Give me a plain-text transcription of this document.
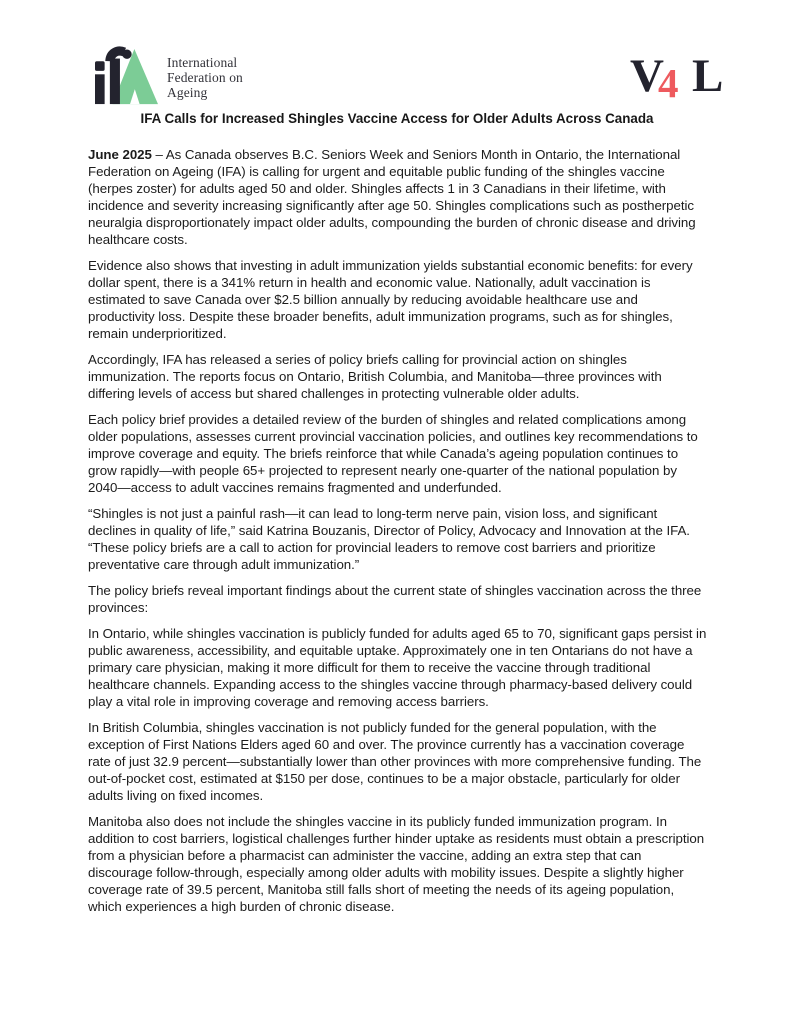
International
Federation on
Ageing	V
4 L
IFA Calls for Increased Shingles Vaccine Access for Older Adults Across Canada

June 2025 – As Canada observes B.C. Seniors Week and Seniors Month in Ontario, the International Federation on Ageing (IFA) is calling for urgent and equitable public funding of the shingles vaccine (herpes zoster) for adults aged 50 and older. Shingles affects 1 in 3 Canadians in their lifetime, with incidence and severity increasing significantly after age 50. Shingles complications such as postherpetic neuralgia disproportionately impact older adults, compounding the burden of chronic disease and driving healthcare costs.

Evidence also shows that investing in adult immunization yields substantial economic benefits: for every dollar spent, there is a 341% return in health and economic value. Nationally, adult vaccination is estimated to save Canada over $2.5 billion annually by reducing avoidable healthcare use and productivity loss. Despite these broader benefits, adult immunization programs, such as for shingles, remain underprioritized.

Accordingly, IFA has released a series of policy briefs calling for provincial action on shingles immunization. The reports focus on Ontario, British Columbia, and Manitoba—three provinces with differing levels of access but shared challenges in protecting vulnerable older adults.

Each policy brief provides a detailed review of the burden of shingles and related complications among older populations, assesses current provincial vaccination policies, and outlines key recommendations to improve coverage and equity. The briefs reinforce that while Canada’s ageing population continues to grow rapidly—with people 65+ projected to represent nearly one-quarter of the national population by 2040—access to adult vaccines remains fragmented and underfunded.

“Shingles is not just a painful rash—it can lead to long-term nerve pain, vision loss, and significant declines in quality of life,” said Katrina Bouzanis, Director of Policy, Advocacy and Innovation at the IFA. “These policy briefs are a call to action for provincial leaders to remove cost barriers and prioritize preventative care through adult immunization.”

The policy briefs reveal important findings about the current state of shingles vaccination across the three provinces:

In Ontario, while shingles vaccination is publicly funded for adults aged 65 to 70, significant gaps persist in public awareness, accessibility, and equitable uptake. Approximately one in ten Ontarians do not have a primary care physician, making it more difficult for them to receive the vaccine through traditional healthcare channels. Expanding access to the shingles vaccine through pharmacy-based delivery could play a vital role in improving coverage and removing access barriers.

In British Columbia, shingles vaccination is not publicly funded for the general population, with the exception of First Nations Elders aged 60 and over. The province currently has a vaccination coverage rate of just 32.9 percent—substantially lower than other provinces with more comprehensive funding. The out-of-pocket cost, estimated at $150 per dose, continues to be a major obstacle, particularly for older adults living on fixed incomes.

Manitoba also does not include the shingles vaccine in its publicly funded immunization program. In addition to cost barriers, logistical challenges further hinder uptake as residents must obtain a prescription from a physician before a pharmacist can administer the vaccine, adding an extra step that can discourage follow-through, especially among older adults with mobility issues. Despite a slightly higher coverage rate of 39.5 percent, Manitoba still falls short of meeting the needs of its ageing population, which experiences a high burden of chronic disease.
